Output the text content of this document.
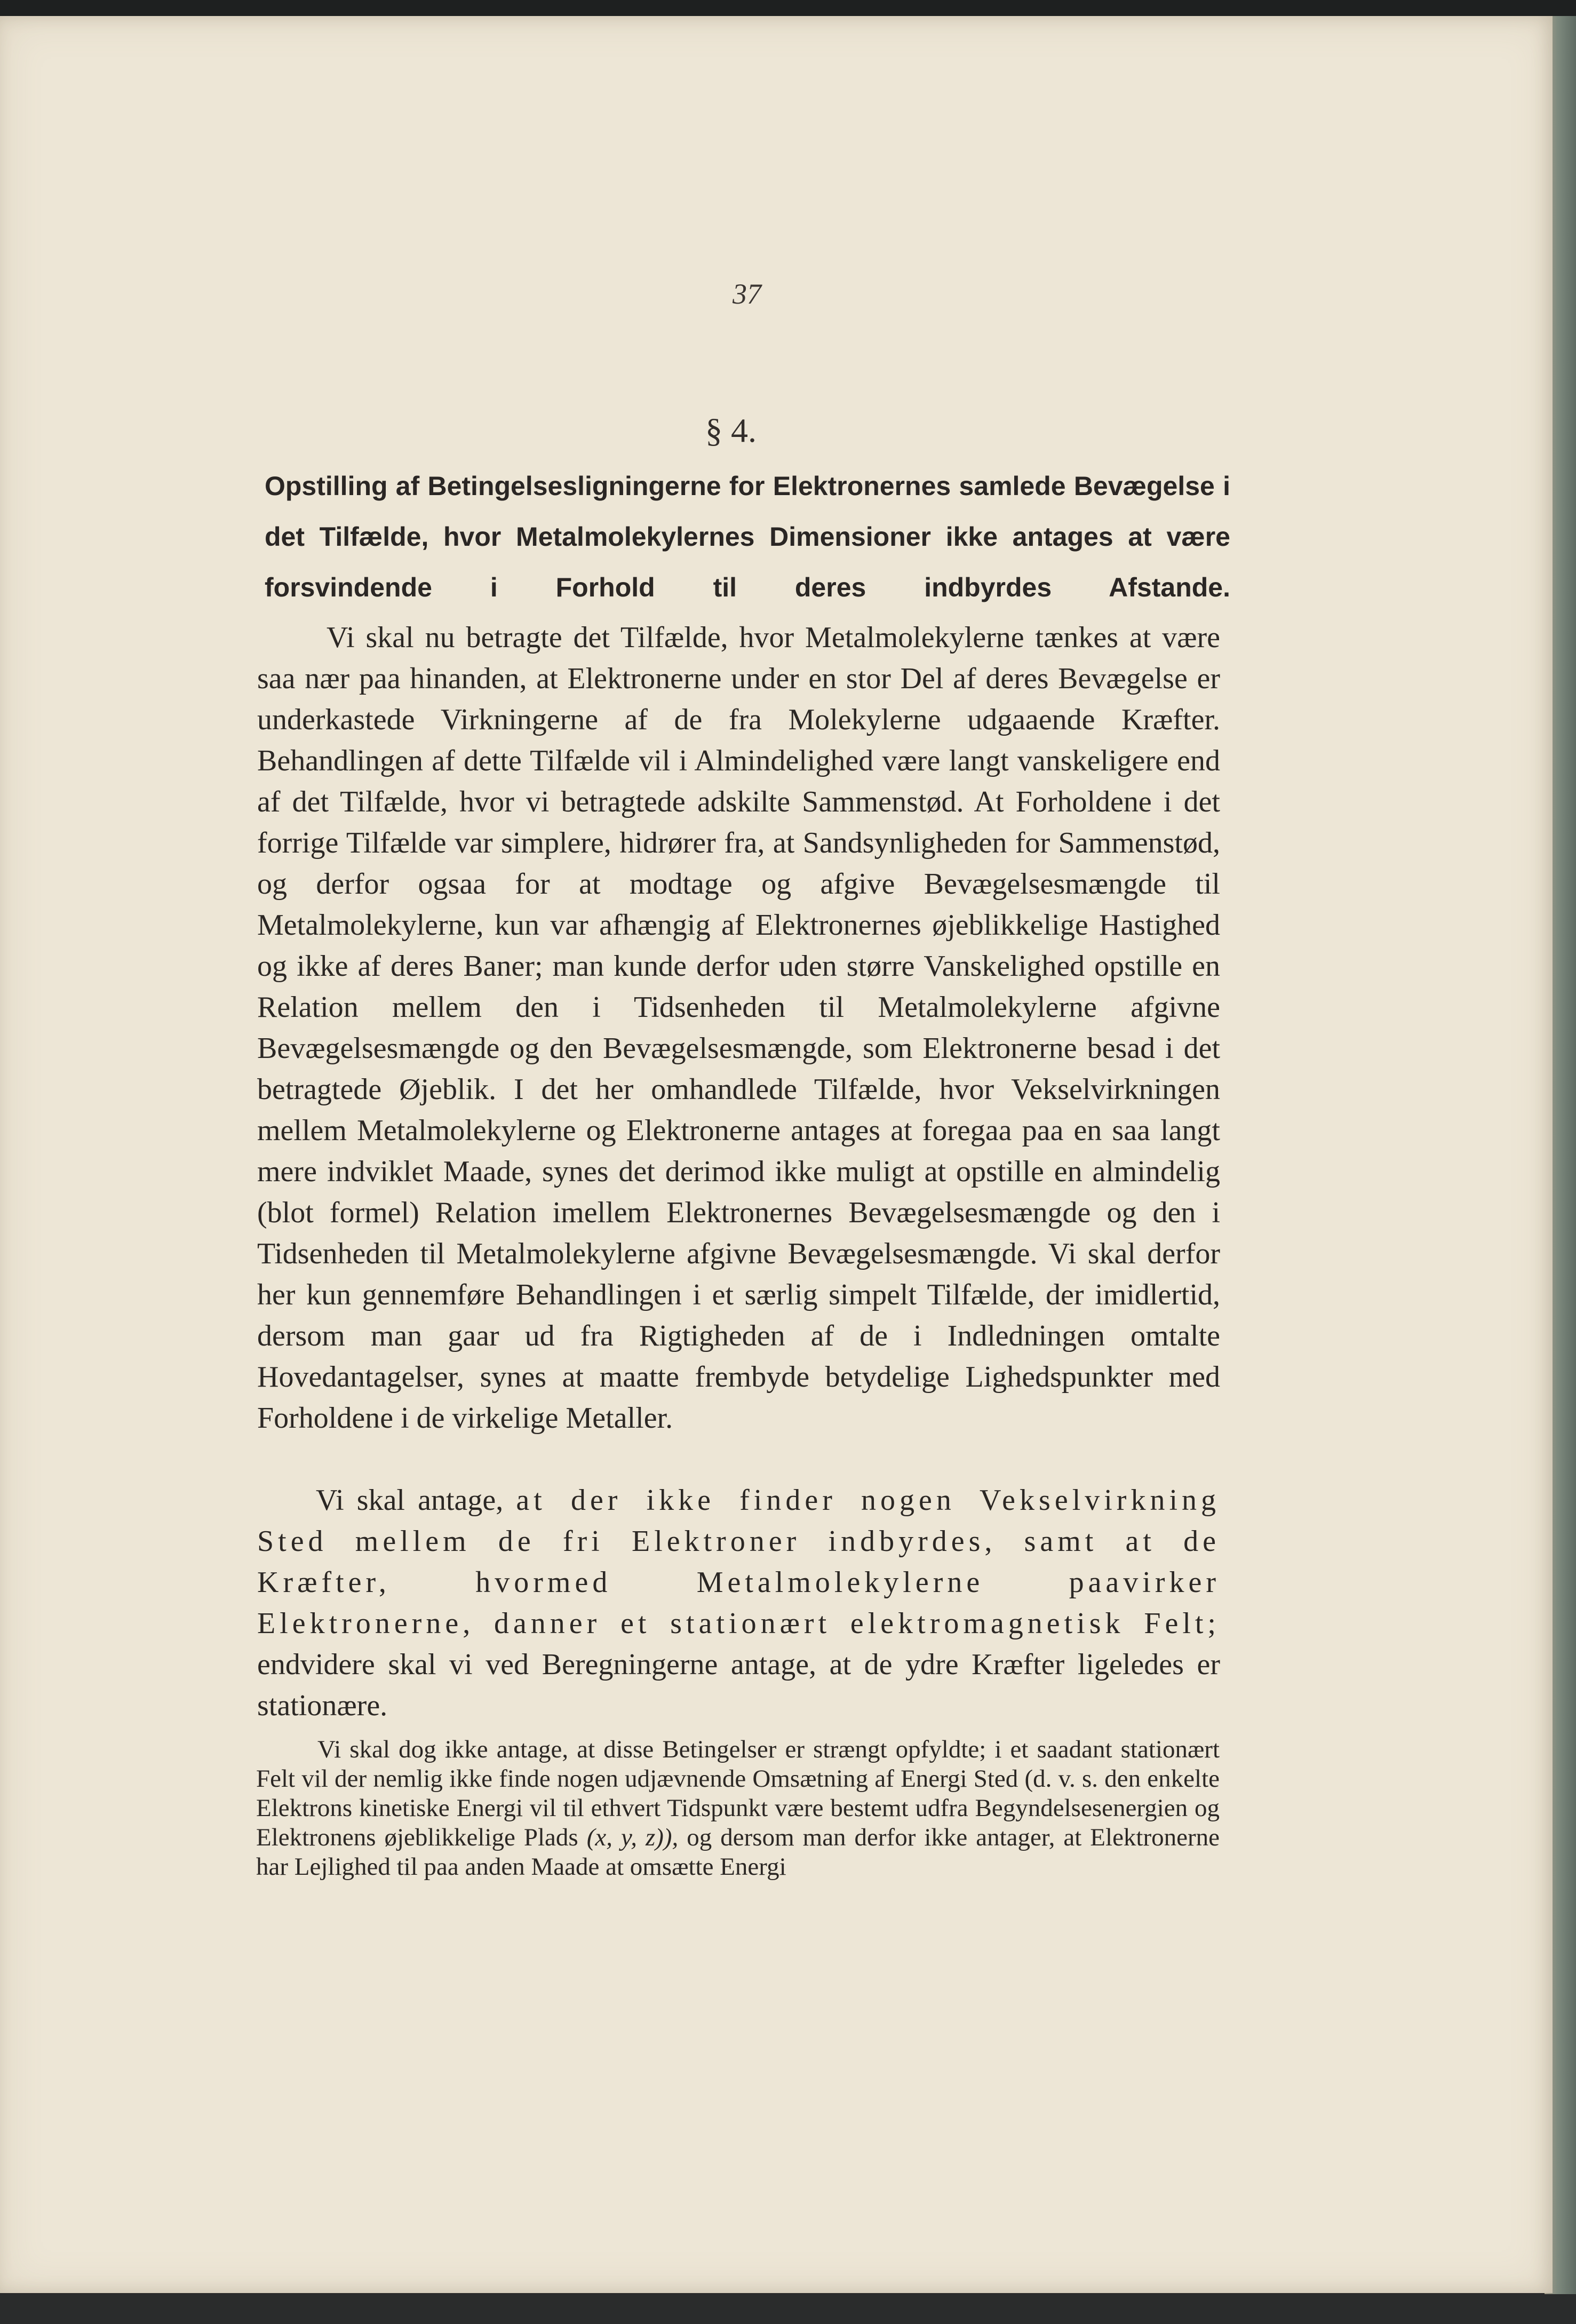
37
§ 4.
Opstilling af Betingelsesligningerne for Elektronernes samlede Bevægelse i det Tilfælde, hvor Metalmolekylernes Dimensioner ikke antages at være forsvindende i Forhold til deres indbyrdes Afstande.
Vi skal nu betragte det Tilfælde, hvor Metalmolekylerne tænkes at være saa nær paa hinanden, at Elektronerne under en stor Del af deres Bevægelse er underkastede Virkningerne af de fra Molekylerne udgaaende Kræfter. Behandlingen af dette Tilfælde vil i Almindelighed være langt vanskeligere end af det Tilfælde, hvor vi betragtede adskilte Sammenstød. At Forholdene i det forrige Tilfælde var simplere, hidrører fra, at Sandsynligheden for Sammenstød, og derfor ogsaa for at modtage og afgive Bevægelsesmængde til Metalmolekylerne, kun var afhængig af Elektronernes øjeblikkelige Hastighed og ikke af deres Baner; man kunde derfor uden større Vanskelighed opstille en Relation mellem den i Tidsenheden til Metalmolekylerne afgivne Bevægelsesmængde og den Bevægelsesmængde, som Elektronerne besad i det betragtede Øjeblik. I det her omhandlede Tilfælde, hvor Vekselvirkningen mellem Metalmolekylerne og Elektronerne antages at foregaa paa en saa langt mere indviklet Maade, synes det derimod ikke muligt at opstille en almindelig (blot formel) Relation imellem Elektronernes Bevægelsesmængde og den i Tidsenheden til Metalmolekylerne afgivne Bevægelsesmængde. Vi skal derfor her kun gennemføre Behandlingen i et særlig simpelt Tilfælde, der imidlertid, dersom man gaar ud fra Rigtigheden af de i Indledningen omtalte Hovedantagelser, synes at maatte frembyde betydelige Lighedspunkter med Forholdene i de virkelige Metaller.
Vi skal antage, at der ikke finder nogen Vekselvirkning Sted mellem de fri Elektroner indbyrdes, samt at de Kræfter, hvormed Metalmolekylerne paavirker Elektronerne, danner et stationært elektromagnetisk Felt; endvidere skal vi ved Beregningerne antage, at de ydre Kræfter ligeledes er stationære.
Vi skal dog ikke antage, at disse Betingelser er strængt opfyldte; i et saadant stationært Felt vil der nemlig ikke finde nogen udjævnende Omsætning af Energi Sted (d. v. s. den enkelte Elektrons kinetiske Energi vil til ethvert Tidspunkt være bestemt udfra Begyndelsesenergien og Elektronens øjeblikkelige Plads (x, y, z)), og dersom man derfor ikke antager, at Elektronerne har Lejlighed til paa anden Maade at omsætte Energi
